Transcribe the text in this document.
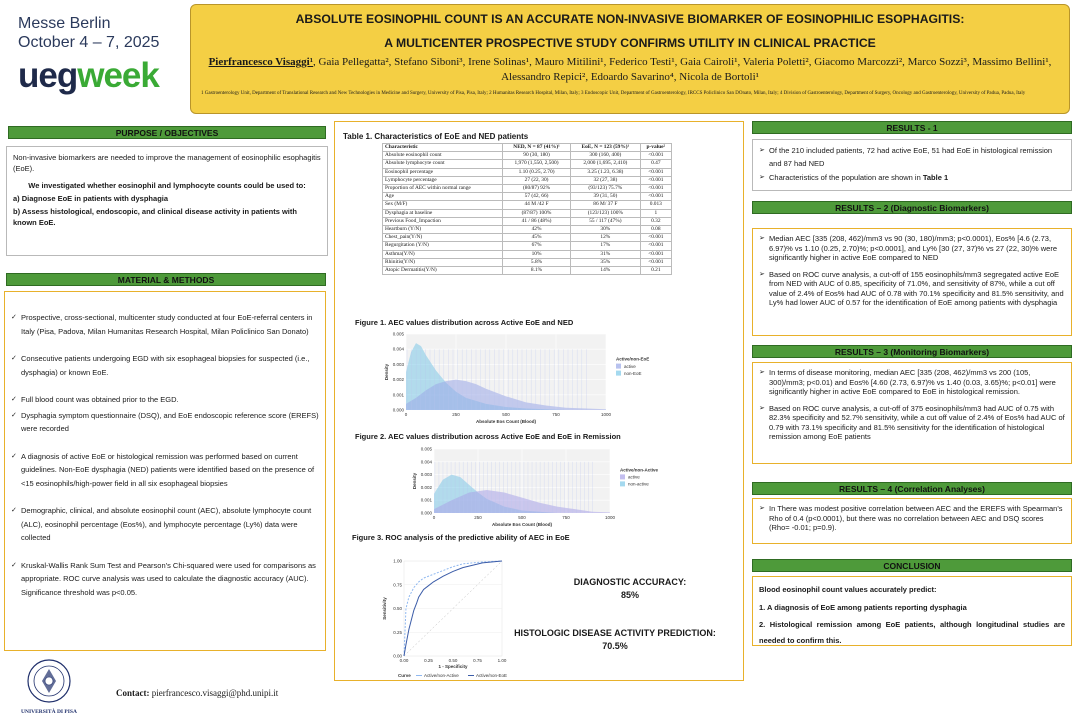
Messe Berlin
October 4 – 7, 2025
uegweek
ABSOLUTE EOSINOPHIL COUNT IS AN ACCURATE NON-INVASIVE BIOMARKER OF EOSINOPHILIC ESOPHAGITIS:
A MULTICENTER PROSPECTIVE STUDY CONFIRMS UTILITY IN CLINICAL PRACTICE
Pierfrancesco Visaggi¹, Gaia Pellegatta², Stefano Siboni³, Irene Solinas¹, Mauro Mitilini¹, Federico Testi¹, Gaia Cairoli¹, Valeria Poletti², Giacomo Marcozzi², Marco Sozzi³, Massimo Bellini¹, Alessandro Repici², Edoardo Savarino⁴, Nicola de Bortoli¹
1 Gastroenterology Unit, Department of Translational Research and New Technologies in Medicine and Surgery, University of Pisa, Pisa, Italy; 2 Humanitas Research Hospital, Milan, Italy; 3 Endoscopic Unit, Department of Gastroenterology, IRCCS Policlinico San DOnato, Milan, Italy; 4 Division of Gastroenterology, Department of Surgery, Oncology and Gastroenterology, University of Padua, Padua, Italy
PURPOSE / OBJECTIVES

Non-invasive biomarkers are needed to improve the management of eosinophilic esophagitis (EoE).

We investigated whether eosinophil and lymphocyte counts could be used to:

a) Diagnose EoE in patients with dysphagia

b) Assess histological, endoscopic, and clinical disease activity in patients with known EoE.

MATERIAL & METHODS

✓ Prospective, cross-sectional, multicenter study conducted at four EoE-referral centers in Italy (Pisa, Padova, Milan Humanitas Research Hospital, Milan Policlinico San Donato)

✓ Consecutive patients undergoing EGD with six esophageal biopsies for suspected (i.e., dysphagia) or known EoE.

✓ Full blood count was obtained prior to the EGD.

✓ Dysphagia symptom questionnaire (DSQ), and EoE endoscopic reference score (EREFS) were recorded

✓ A diagnosis of active EoE or histological remission was performed based on current guidelines. Non-EoE dysphagia (NED) patients were identified based on the presence of <15 eosinophils/high-power field in all six esophageal biopsies

✓ Demographic, clinical, and absolute eosinophil count (AEC), absolute lymphocyte count (ALC), eosinophil percentage (Eos%), and lymphocyte percentage (Ly%) data were collected

✓ Kruskal-Wallis Rank Sum Test and Pearson's Chi-squared were used for comparisons as appropriate. ROC curve analysis was used to calculate the diagnostic accuracy (AUC). Significance threshold was p<0.05.

UNIVERSITÀ DI PISA
Contact: pierfrancesco.visaggi@phd.unipi.it
Table 1. Characteristics of EoE and NED patients
Characteristic	NED, N = 87 (41%)¹	EoE, N = 123 (59%)¹	p-value²
Absolute eosinophil count	90 (30, 180)	300 (160, 400)	<0.001
Absolute lymphocyte count	1,970 (1,550, 2,500)	2,000 (1,695, 2,410)	0.47
Eosinophil percentage	1.10 (0.25, 2.70)	3.25 (1.23, 6.38)	<0.001
Lymphocyte percentage	27 (22, 30)	32 (27, 38)	<0.001
Proportion of AEC within normal range	(80/87) 92%	(93/123) 75.7%	<0.001
Age	57 (42, 66)	39 (31, 50)	<0.001
Sex (M/F)	44 M /42 F	86 M/ 37 F	0.013
Dysphagia at baseline	(87/87) 100%	(123/123) 100%	1
Previous Food_Impaction	41 / 86 (48%)	55 / 117 (47%)	0.32
Heartburn (Y/N)	42%	30%	0.08
Chest_pain(Y/N)	45%	12%	<0.001
Regurgitation (Y/N)	67%	17%	<0.001
Asthma(Y/N)	10%	31%	<0.001
Rhinitis(Y/N)	5.8%	35%	<0.001
Atopic Dermatitis(Y/N)	8.1%	14%	0.21
Figure 1. AEC values distribution across Active EoE and NED
0.000
0.001
0.002
0.003
0.004
0.005
0	250	500	750	1000
Absolute Eos Count (Blood)
Density
Active/non-EoE
active
non-EoE
Figure 2. AEC values distribution across Active EoE and EoE in Remission
0.000
0.001
0.002
0.003
0.004
0.005
0	250	500	750	1000
Absolute Eos Count (Blood)
Density
Active/non-Active
active
non-active
Figure 3. ROC analysis of the predictive ability of AEC in EoE
0.00
0.25
0.50
0.75
1.00
0.00	0.25	0.50	0.75	1.00
1 - Specificity
Sensitivity
Curve	Active/non-Active	Active/non-EoE
DIAGNOSTIC ACCURACY:
85%
HISTOLOGIC DISEASE ACTIVITY PREDICTION:
70.5%
RESULTS - 1

➢ Of the 210 included patients, 72 had active EoE, 51 had EoE in histological remission and 87 had NED

➢ Characteristics of the population are shown in Table 1

RESULTS – 2 (Diagnostic Biomarkers)

➢ Median AEC [335 (208, 462)/mm3 vs 90 (30, 180)/mm3; p<0.0001), Eos% [4.6 (2.73, 6.97)% vs 1.10 (0.25, 2.70)%; p<0.0001], and Ly% [30 (27, 37)% vs 27 (22, 30)% were significantly higher in active EoE compared to NED

➢ Based on ROC curve analysis, a cut-off of 155 eosinophils/mm3 segregated active EoE from NED with AUC of 0.85, specificity of 71.0%, and sensitivity of 87%, while a cut off value of 2.4% of Eos% had AUC of 0.78 with 70.1% specificity and 81.5% sensitivity, and Ly% had lower AUC of 0.57 for the identification of EoE among patients with dysphagia

RESULTS – 3 (Monitoring Biomarkers)

➢ In terms of disease monitoring, median AEC [335 (208, 462)/mm3 vs 200 (105, 300)/mm3; p<0.01) and Eos% [4.60 (2.73, 6.97)% vs 1.40 (0.03, 3.65)%; p<0.01] were significantly higher in active EoE compared to EoE in histological remission.

➢ Based on ROC curve analysis, a cut-off of 375 eosinophils/mm3 had AUC of 0.75 with 82.3% specificity and 52.7% sensitivity, while a cut off value of 2.4% of Eos% had AUC of 0.79 with 73.1% specificity and 81.5% sensitivity for the identification of histological remission among EoE patients

RESULTS – 4 (Correlation Analyses)

➢ In There was modest positive correlation between AEC and the EREFS with Spearman's Rho of 0.4 (p<0.0001), but there was no correlation between AEC and DSQ scores (Rho= -0.01; p=0.9).

CONCLUSION

Blood eosinophil count values accurately predict:

1. A diagnosis of EoE among patients reporting dysphagia

2. Histological remission among EoE patients, although longitudinal studies are needed to confirm this.
